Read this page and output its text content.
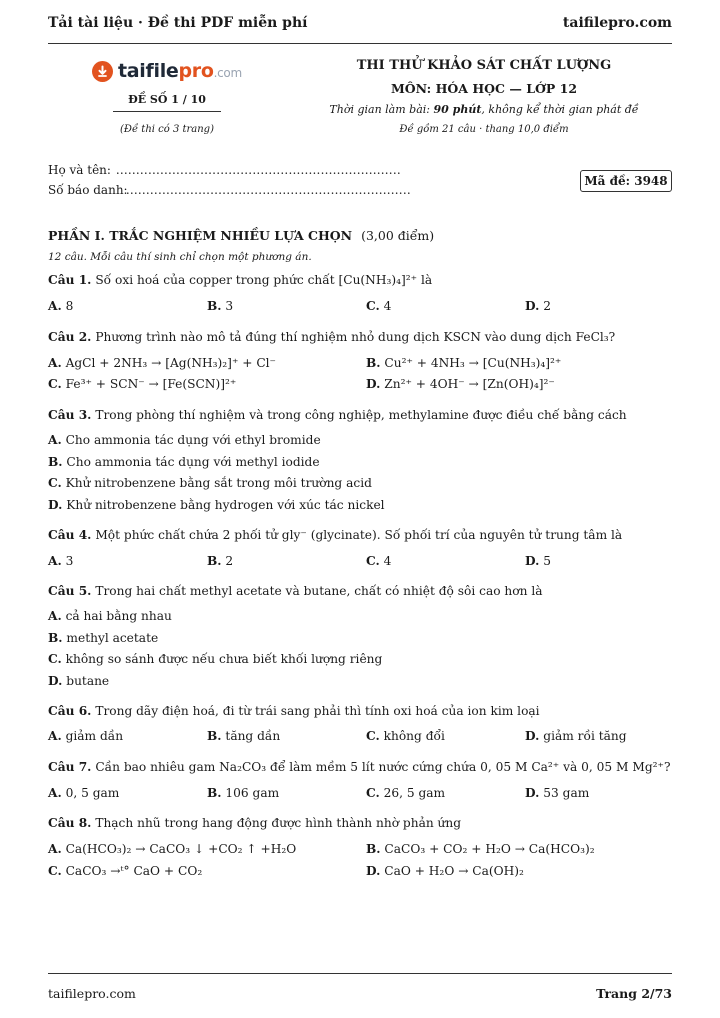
Tải tài liệu · Đề thi PDF miễn phí	taifilepro.com
taifilepro.com
ĐỀ SỐ 1 / 10
(Đề thi có 3 trang)
THI THỬ KHẢO SÁT CHẤT LƯỢNG
MÔN: HÓA HỌC — LỚP 12
Thời gian làm bài: 90 phút, không kể thời gian phát đề
Đề gồm 21 câu · thang 10,0 điểm
Họ và tên: .......................................................................
Số báo danh: .......................................................................
Mã đề: 3948
PHẦN I. TRẮC NGHIỆM NHIỀU LỰA CHỌN (3,00 điểm)
12 câu. Mỗi câu thí sinh chỉ chọn một phương án.
Câu 1. Số oxi hoá của copper trong phức chất [Cu(NH₃)₄]²⁺ là
A. 8	B. 3	C. 4	D. 2
Câu 2. Phương trình nào mô tả đúng thí nghiệm nhỏ dung dịch KSCN vào dung dịch FeCl₃?
A. AgCl + 2NH₃ → [Ag(NH₃)₂]⁺ + Cl⁻	B. Cu²⁺ + 4NH₃ → [Cu(NH₃)₄]²⁺
C. Fe³⁺ + SCN⁻ → [Fe(SCN)]²⁺	D. Zn²⁺ + 4OH⁻ → [Zn(OH)₄]²⁻
Câu 3. Trong phòng thí nghiệm và trong công nghiệp, methylamine được điều chế bằng cách
A. Cho ammonia tác dụng với ethyl bromide
B. Cho ammonia tác dụng với methyl iodide
C. Khử nitrobenzene bằng sắt trong môi trường acid
D. Khử nitrobenzene bằng hydrogen với xúc tác nickel
Câu 4. Một phức chất chứa 2 phối tử gly⁻ (glycinate). Số phối trí của nguyên tử trung tâm là
A. 3	B. 2	C. 4	D. 5
Câu 5. Trong hai chất methyl acetate và butane, chất có nhiệt độ sôi cao hơn là
A. cả hai bằng nhau
B. methyl acetate
C. không so sánh được nếu chưa biết khối lượng riêng
D. butane
Câu 6. Trong dãy điện hoá, đi từ trái sang phải thì tính oxi hoá của ion kim loại
A. giảm dần	B. tăng dần	C. không đổi	D. giảm rồi tăng
Câu 7. Cần bao nhiêu gam Na₂CO₃ để làm mềm 5 lít nước cứng chứa 0, 05 M Ca²⁺ và 0, 05 M Mg²⁺?
A. 0, 5 gam	B. 106 gam	C. 26, 5 gam	D. 53 gam
Câu 8. Thạch nhũ trong hang động được hình thành nhờ phản ứng
A. Ca(HCO₃)₂ → CaCO₃ ↓ +CO₂ ↑ +H₂O	B. CaCO₃ + CO₂ + H₂O → Ca(HCO₃)₂
C. CaCO₃ →ᵗ° CaO + CO₂	D. CaO + H₂O → Ca(OH)₂
taifilepro.com	Trang 2/73
